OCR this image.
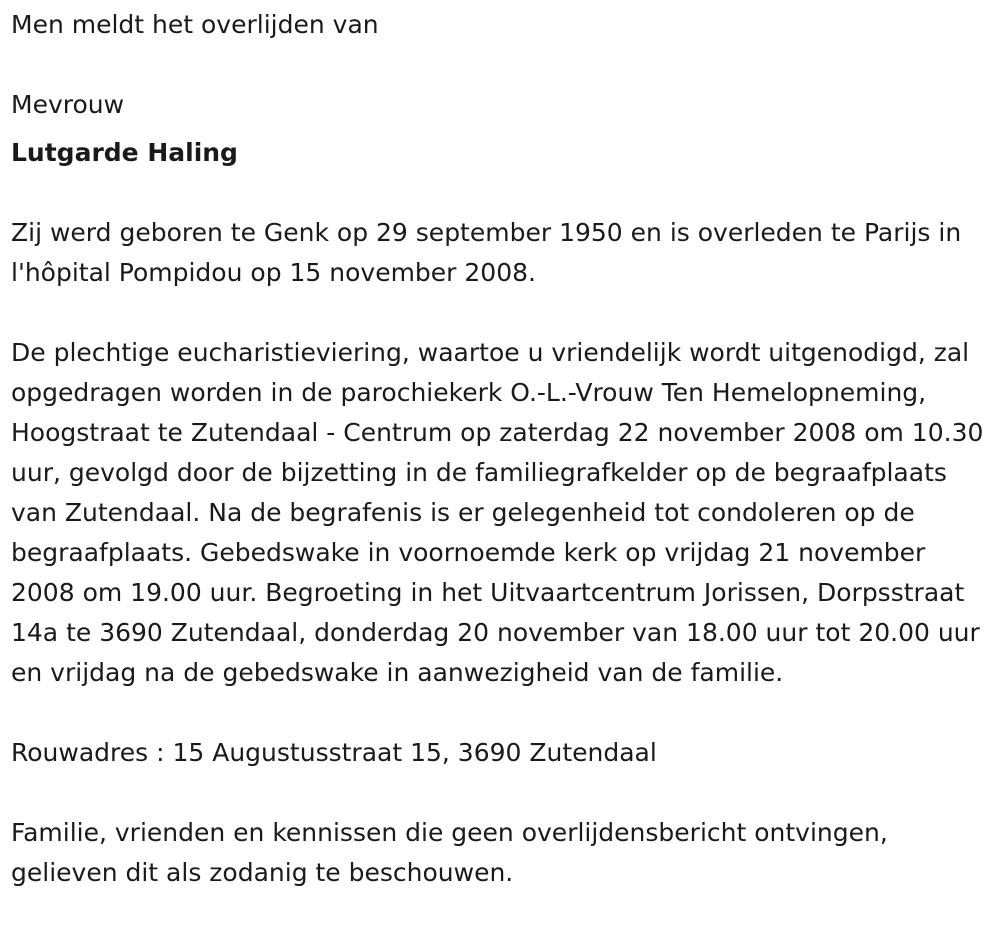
Men meldt het overlijden van

Mevrouw

Lutgarde Haling

Zij werd geboren te Genk op 29 september 1950 en is overleden te Parijs in l'hôpital Pompidou op 15 november 2008.

De plechtige eucharistieviering, waartoe u vriendelijk wordt uitgenodigd, zal opgedragen worden in de parochiekerk O.-L.-Vrouw Ten Hemelopneming, Hoogstraat te Zutendaal - Centrum op zaterdag 22 november 2008 om 10.30 uur, gevolgd door de bijzetting in de familiegrafkelder op de begraafplaats van Zutendaal. Na de begrafenis is er gelegenheid tot condoleren op de begraafplaats. Gebedswake in voornoemde kerk op vrijdag 21 november 2008 om 19.00 uur. Begroeting in het Uitvaartcentrum Jorissen, Dorpsstraat 14a te 3690 Zutendaal, donderdag 20 november van 18.00 uur tot 20.00 uur en vrijdag na de gebedswake in aanwezigheid van de familie.

Rouwadres : 15 Augustusstraat 15, 3690 Zutendaal

Familie, vrienden en kennissen die geen overlijdensbericht ontvingen, gelieven dit als zodanig te beschouwen.
